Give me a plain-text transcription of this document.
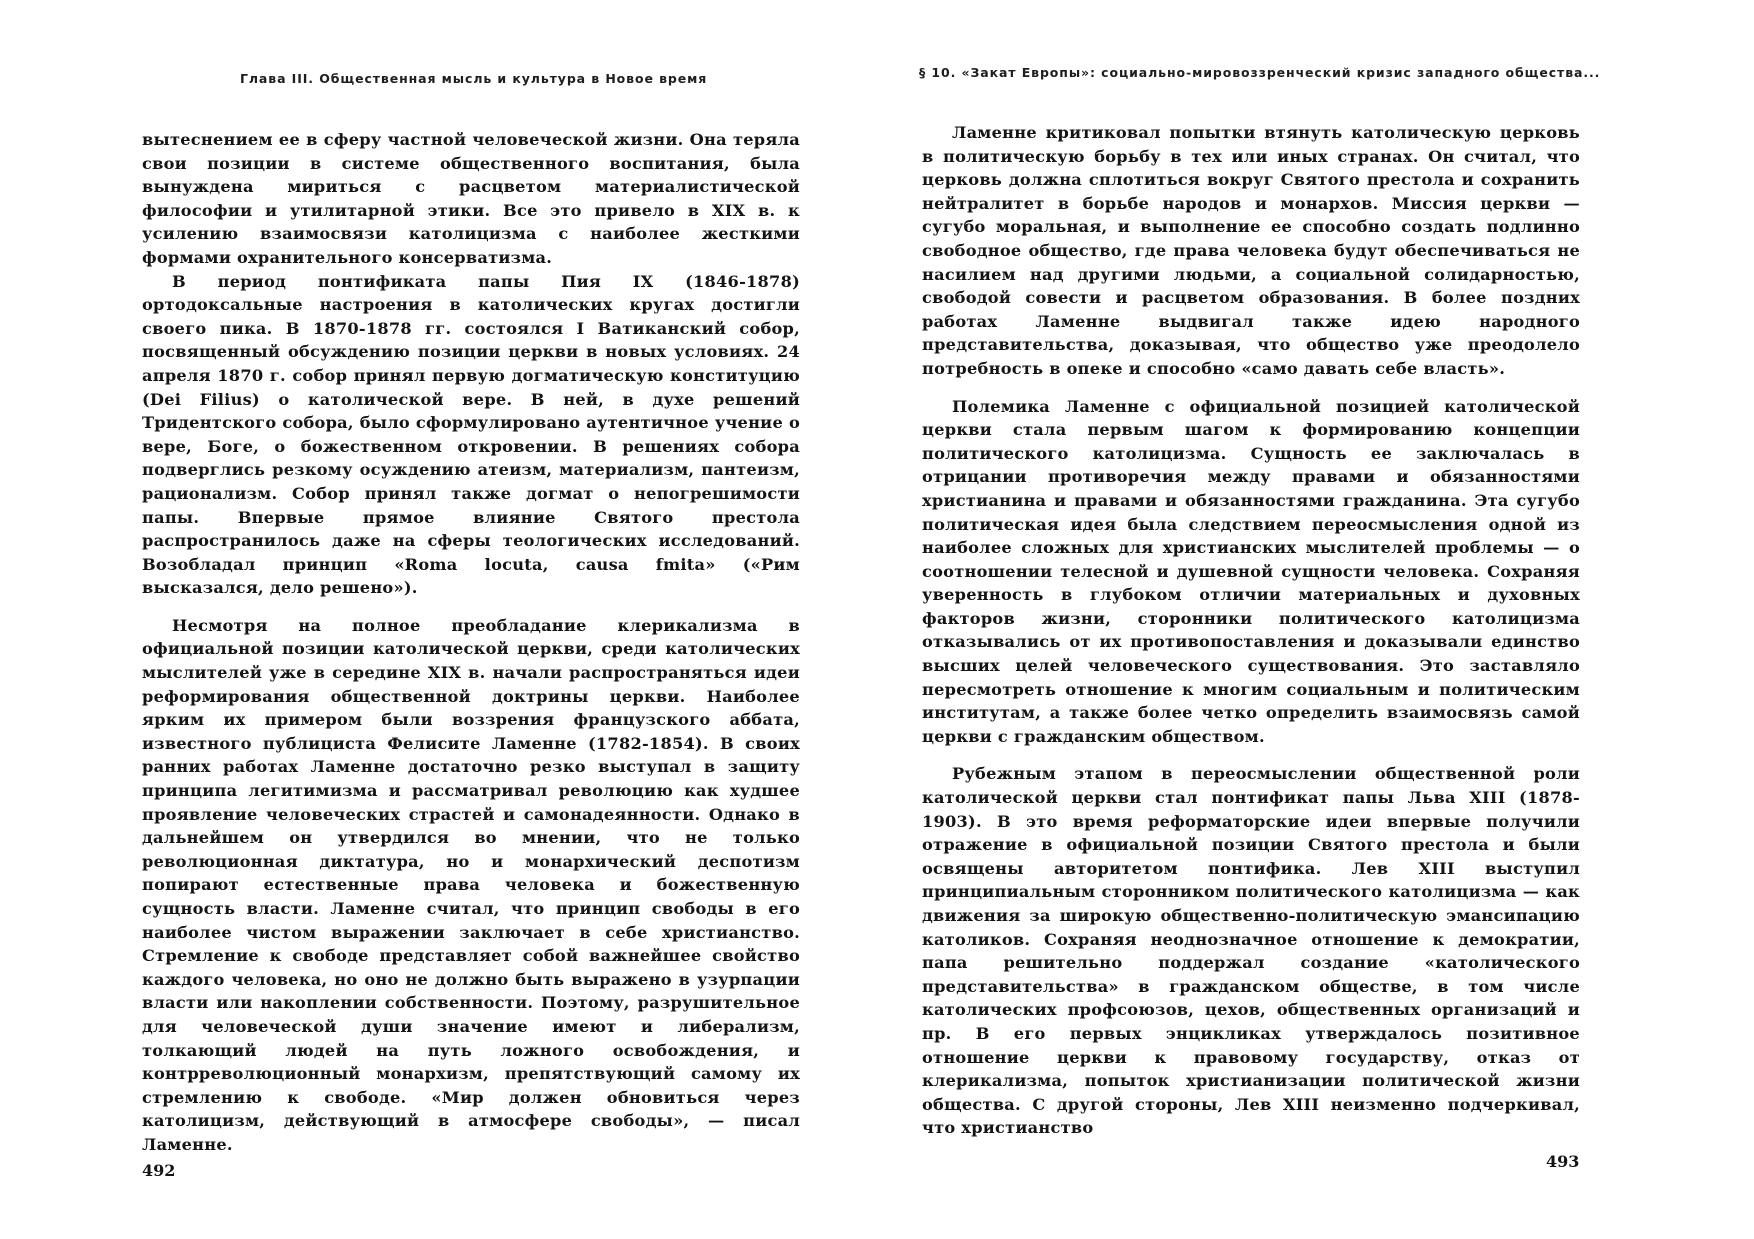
Глава III. Общественная мысль и культура в Новое время

вытеснением ее в сферу частной человеческой жизни. Она теряла свои позиции в системе общественного воспитания, была вынуждена мириться с расцветом материалистической философии и утилитарной этики. Все это привело в XIX в. к усилению взаимосвязи католицизма с наиболее жесткими формами охранительного консерватизма.

В период понтификата папы Пия IX (1846-1878) ортодоксальные настроения в католических кругах достигли своего пика. В 1870-1878 гг. состоялся I Ватиканский собор, посвященный обсуждению позиции церкви в новых условиях. 24 апреля 1870 г. собор принял первую догматическую конституцию (Dei Filius) о католической вере. В ней, в духе решений Тридентского собора, было сформулировано аутентичное учение о вере, Боге, о божественном откровении. В решениях собора подверглись резкому осуждению атеизм, материализм, пантеизм, рационализм. Собор принял также догмат о непогрешимости папы. Впервые прямое влияние Святого престола распространилось даже на сферы теологических исследований. Возобладал принцип «Roma locuta, causa fmita» («Рим высказался, дело решено»).

Несмотря на полное преобладание клерикализма в официальной позиции католической церкви, среди католических мыслителей уже в середине XIX в. начали распространяться идеи реформирования общественной доктрины церкви. Наиболее ярким их примером были воззрения французского аббата, известного публициста Фелисите Ламенне (1782-1854). В своих ранних работах Ламенне достаточно резко выступал в защиту принципа легитимизма и рассматривал революцию как худшее проявление человеческих страстей и самонадеянности. Однако в дальнейшем он утвердился во мнении, что не только революционная диктатура, но и монархический деспотизм попирают естественные права человека и божественную сущность власти. Ламенне считал, что принцип свободы в его наиболее чистом выражении заключает в себе христианство. Стремление к свободе представляет собой важнейшее свойство каждого человека, но оно не должно быть выражено в узурпации власти или накоплении собственности. Поэтому, разрушительное для человеческой души значение имеют и либерализм, толкающий людей на путь ложного освобождения, и контрреволюционный монархизм, препятствующий самому их стремлению к свободе. «Мир должен обновиться через католицизм, действующий в атмосфере свободы», — писал Ламенне.

492
§ 10. «Закат Европы»: социально-мировоззренческий кризис западного общества...

Ламенне критиковал попытки втянуть католическую церковь в политическую борьбу в тех или иных странах. Он считал, что церковь должна сплотиться вокруг Святого престола и сохранить нейтралитет в борьбе народов и монархов. Миссия церкви — сугубо моральная, и выполнение ее способно создать подлинно свободное общество, где права человека будут обеспечиваться не насилием над другими людьми, а социальной солидарностью, свободой совести и расцветом образования. В более поздних работах Ламенне выдвигал также идею народного представительства, доказывая, что общество уже преодолело потребность в опеке и способно «само давать себе власть».

Полемика Ламенне с официальной позицией католической церкви стала первым шагом к формированию концепции политического католицизма. Сущность ее заключалась в отрицании противоречия между правами и обязанностями христианина и правами и обязанностями гражданина. Эта сугубо политическая идея была следствием переосмысления одной из наиболее сложных для христианских мыслителей проблемы — о соотношении телесной и душевной сущности человека. Сохраняя уверенность в глубоком отличии материальных и духовных факторов жизни, сторонники политического католицизма отказывались от их противопоставления и доказывали единство высших целей человеческого существования. Это заставляло пересмотреть отношение к многим социальным и политическим институтам, а также более четко определить взаимосвязь самой церкви с гражданским обществом.

Рубежным этапом в переосмыслении общественной роли католической церкви стал понтификат папы Льва XIII (1878-1903). В это время реформаторские идеи впервые получили отражение в официальной позиции Святого престола и были освящены авторитетом понтифика. Лев XIII выступил принципиальным сторонником политического католицизма — как движения за широкую общественно-политическую эмансипацию католиков. Сохраняя неоднозначное отношение к демократии, папа решительно поддержал создание «католического представительства» в гражданском обществе, в том числе католических профсоюзов, цехов, общественных организаций и пр. В его первых энцикликах утверждалось позитивное отношение церкви к правовому государству, отказ от клерикализма, попыток христианизации политической жизни общества. С другой стороны, Лев XIII неизменно подчеркивал, что христианство

493
